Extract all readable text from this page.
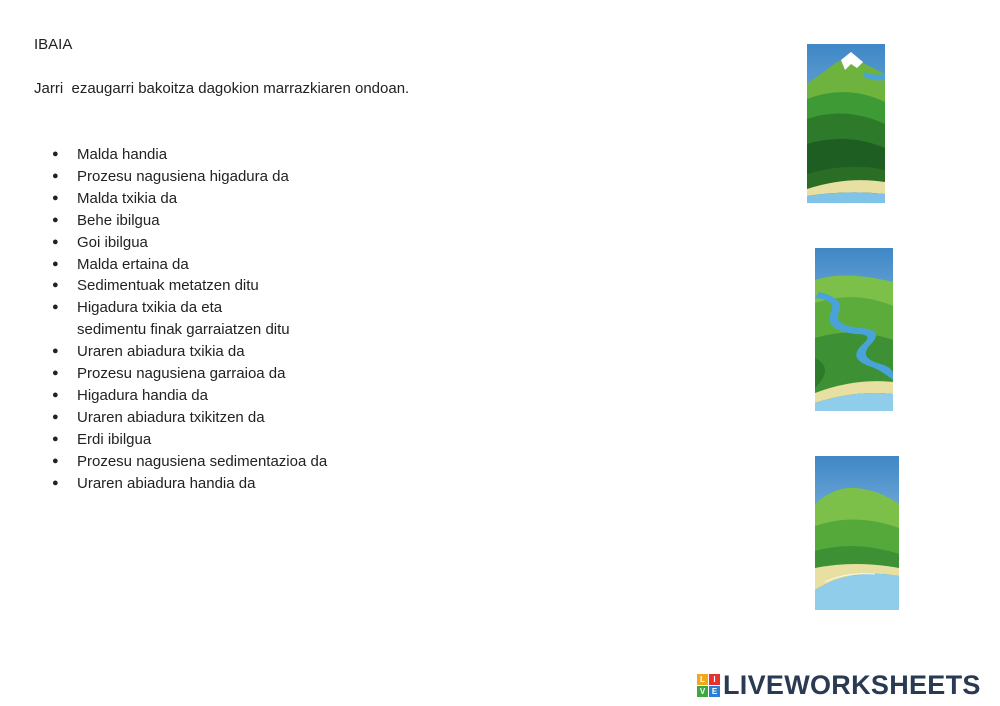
IBAIA
Jarri  ezaugarri bakoitza dagokion marrazkiaren ondoan.
● Malda handia
● Prozesu nagusiena higadura da
● Malda txikia da
● Behe ibilgua
● Goi ibilgua
● Malda ertaina da
● Sedimentuak metatzen ditu
● Higadura txikia da eta
sedimentu finak garraiatzen ditu
● Uraren abiadura txikia da
● Prozesu nagusiena garraioa da
● Higadura handia da
● Uraren abiadura txikitzen da
● Erdi ibilgua
● Prozesu nagusiena sedimentazioa da
● Uraren abiadura handia da
L	I
V E LIVEWORKSHEETS
